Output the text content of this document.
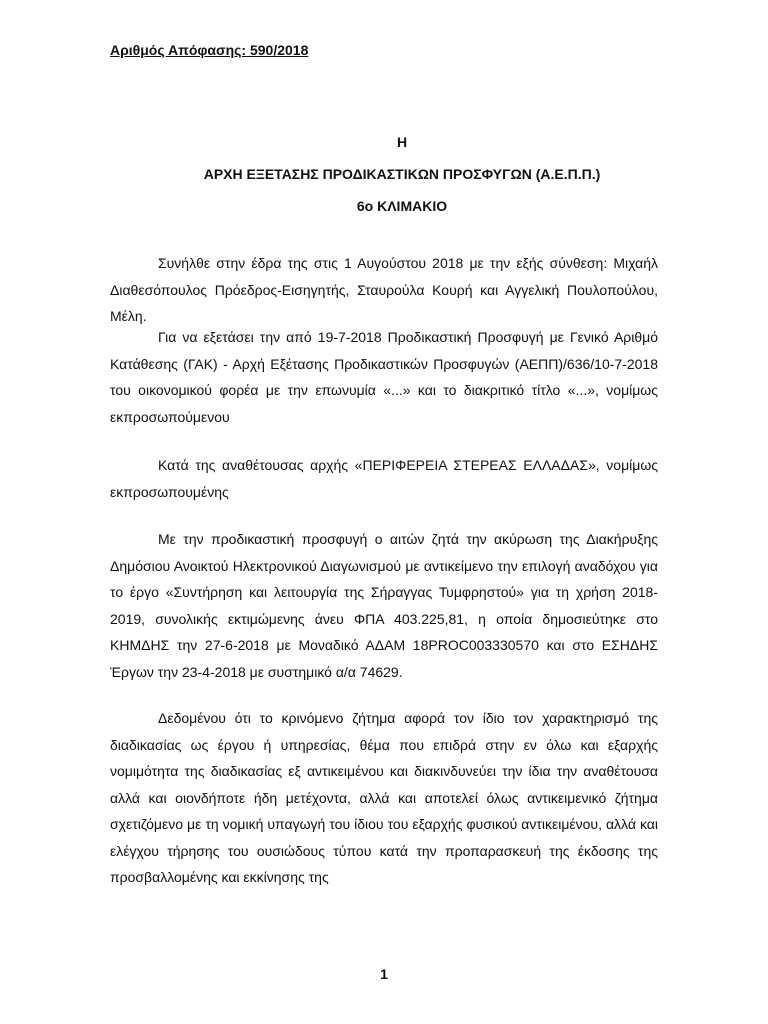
Αριθμός Απόφασης: 590/2018

Η

ΑΡΧΗ ΕΞΕΤΑΣΗΣ ΠΡΟΔΙΚΑΣΤΙΚΩΝ ΠΡΟΣΦΥΓΩΝ (Α.Ε.Π.Π.)

6ο ΚΛΙΜΑΚΙΟ

Συνήλθε στην έδρα της στις 1 Αυγούστου 2018 με την εξής σύνθεση: Μιχαήλ Διαθεσόπουλος Πρόεδρος-Εισηγητής, Σταυρούλα Κουρή και Αγγελική Πουλοπούλου, Μέλη.

Για να εξετάσει την από 19-7-2018 Προδικαστική Προσφυγή με Γενικό Αριθμό Κατάθεσης (ΓΑΚ) - Αρχή Εξέτασης Προδικαστικών Προσφυγών (ΑΕΠΠ)/636/10-7-2018 του οικονομικού φορέα με την επωνυμία «...» και το διακριτικό τίτλο «...», νομίμως εκπροσωπούμενου

Κατά της αναθέτουσας αρχής «ΠΕΡΙΦΕΡΕΙΑ ΣΤΕΡΕΑΣ ΕΛΛΑΔΑΣ», νομίμως εκπροσωπουμένης

Με την προδικαστική προσφυγή ο αιτών ζητά την ακύρωση της Διακήρυξης Δημόσιου Ανοικτού Ηλεκτρονικού Διαγωνισμού με αντικείμενο την επιλογή αναδόχου για το έργο «Συντήρηση και λειτουργία της Σήραγγας Τυμφρηστού» για τη χρήση 2018-2019, συνολικής εκτιμώμενης άνευ ΦΠΑ 403.225,81, η οποία δημοσιεύτηκε στο ΚΗΜΔΗΣ την 27-6-2018 με Μοναδικό ΑΔΑΜ 18PROC003330570 και στο ΕΣΗΔΗΣ Έργων την 23-4-2018 με συστημικό α/α 74629.

Δεδομένου ότι το κρινόμενο ζήτημα αφορά τον ίδιο τον χαρακτηρισμό της διαδικασίας ως έργου ή υπηρεσίας, θέμα που επιδρά στην εν όλω και εξαρχής νομιμότητα της διαδικασίας εξ αντικειμένου και διακινδυνεύει την ίδια την αναθέτουσα αλλά και οιονδήποτε ήδη μετέχοντα, αλλά και αποτελεί όλως αντικειμενικό ζήτημα σχετιζόμενο με τη νομική υπαγωγή του ίδιου του εξαρχής φυσικού αντικειμένου, αλλά και ελέγχου τήρησης του ουσιώδους τύπου κατά την προπαρασκευή της έκδοσης της προσβαλλομένης και εκκίνησης της

1
